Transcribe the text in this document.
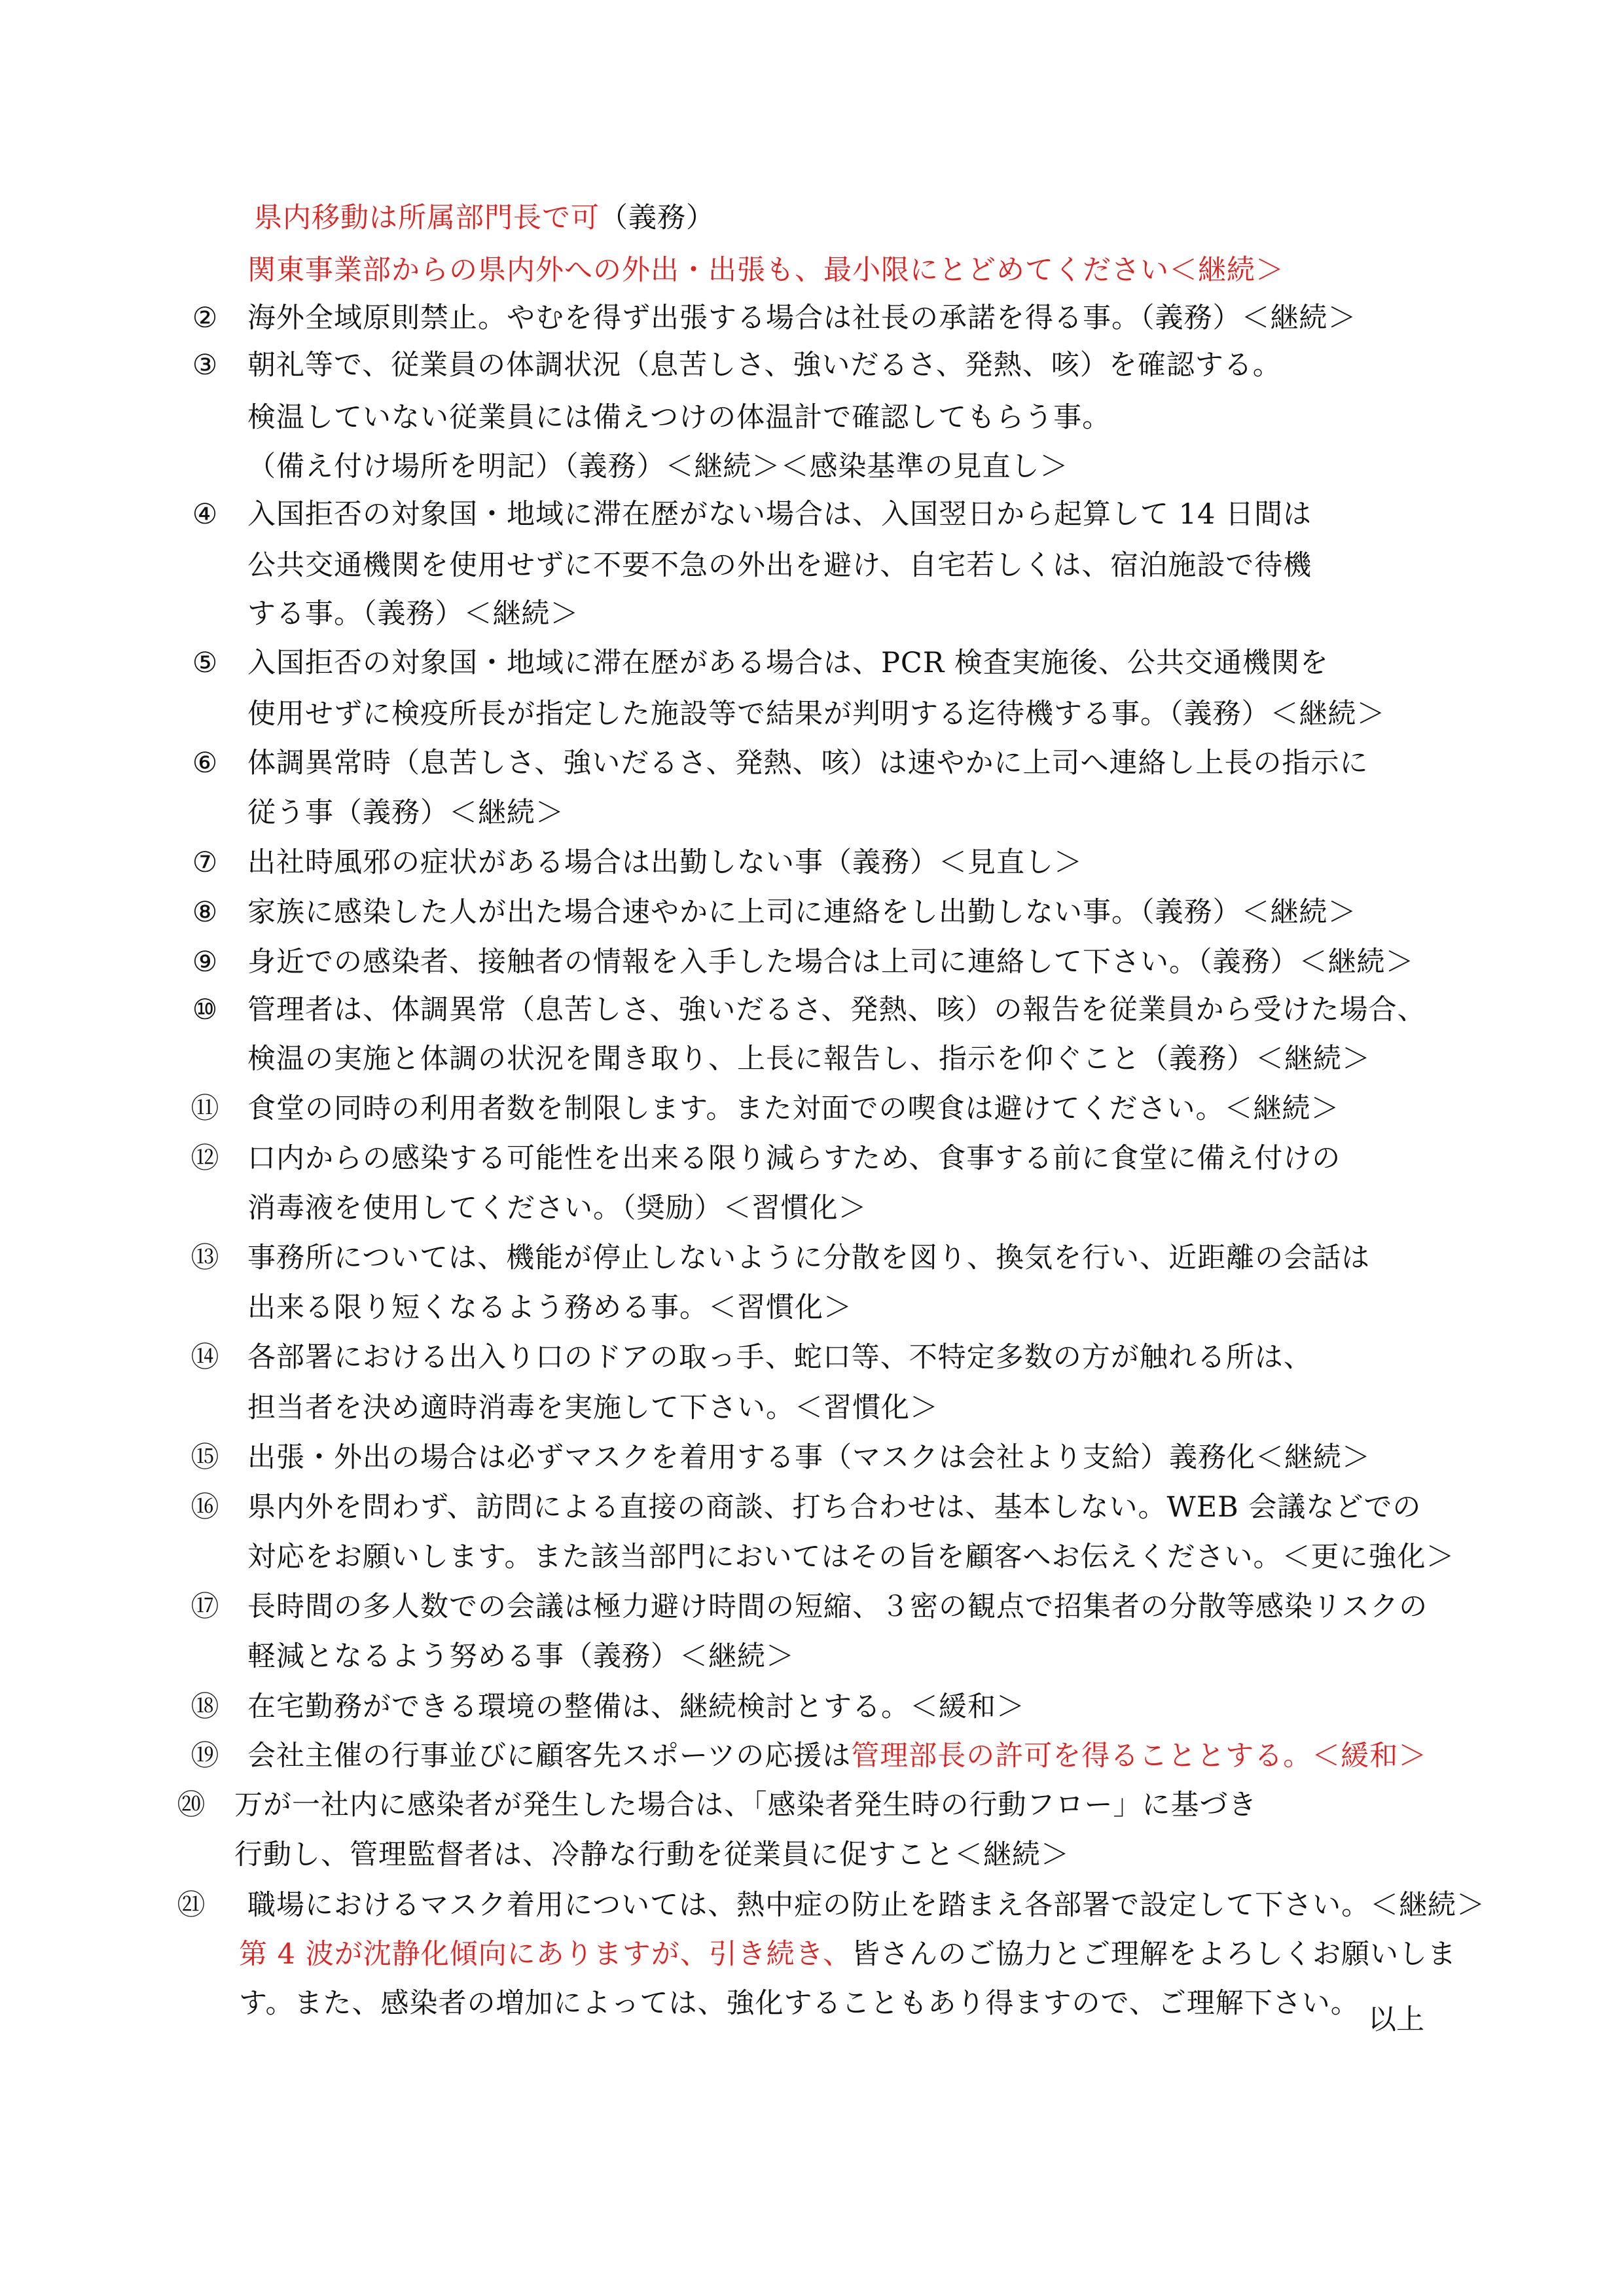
県内移動は所属部門長で可（義務）
関東事業部からの県内外への外出・出張も、最小限にとどめてください＜継続＞
② 海外全域原則禁止。やむを得ず出張する場合は社長の承諾を得る事。（義務）＜継続＞
③ 朝礼等で、従業員の体調状況（息苦しさ、強いだるさ、発熱、咳）を確認する。
検温していない従業員には備えつけの体温計で確認してもらう事。
（備え付け場所を明記）（義務）＜継続＞＜感染基準の見直し＞
④ 入国拒否の対象国・地域に滞在歴がない場合は、入国翌日から起算して 14 日間は
公共交通機関を使用せずに不要不急の外出を避け、自宅若しくは、宿泊施設で待機
する事。（義務）＜継続＞
⑤ 入国拒否の対象国・地域に滞在歴がある場合は、PCR 検査実施後、公共交通機関を
使用せずに検疫所長が指定した施設等で結果が判明する迄待機する事。（義務）＜継続＞
⑥ 体調異常時（息苦しさ、強いだるさ、発熱、咳）は速やかに上司へ連絡し上長の指示に
従う事（義務）＜継続＞
⑦ 出社時風邪の症状がある場合は出勤しない事（義務）＜見直し＞
⑧ 家族に感染した人が出た場合速やかに上司に連絡をし出勤しない事。（義務）＜継続＞
⑨ 身近での感染者、接触者の情報を入手した場合は上司に連絡して下さい。（義務）＜継続＞
⑩ 管理者は、体調異常（息苦しさ、強いだるさ、発熱、咳）の報告を従業員から受けた場合、
検温の実施と体調の状況を聞き取り、上長に報告し、指示を仰ぐこと（義務）＜継続＞
⑪ 食堂の同時の利用者数を制限します。また対面での喫食は避けてください。＜継続＞
⑫ 口内からの感染する可能性を出来る限り減らすため、食事する前に食堂に備え付けの
消毒液を使用してください。（奨励）＜習慣化＞
⑬ 事務所については、機能が停止しないように分散を図り、換気を行い、近距離の会話は
出来る限り短くなるよう務める事。＜習慣化＞
⑭ 各部署における出入り口のドアの取っ手、蛇口等、不特定多数の方が触れる所は、
担当者を決め適時消毒を実施して下さい。＜習慣化＞
⑮ 出張・外出の場合は必ずマスクを着用する事（マスクは会社より支給）義務化＜継続＞
⑯ 県内外を問わず、訪問による直接の商談、打ち合わせは、基本しない。WEB 会議などでの
対応をお願いします。また該当部門においてはその旨を顧客へお伝えください。＜更に強化＞
⑰ 長時間の多人数での会議は極力避け時間の短縮、３密の観点で招集者の分散等感染リスクの
軽減となるよう努める事（義務）＜継続＞
⑱ 在宅勤務ができる環境の整備は、継続検討とする。＜緩和＞
⑲ 会社主催の行事並びに顧客先スポーツの応援は管理部長の許可を得ることとする。＜緩和＞
⑳ 万が一社内に感染者が発生した場合は、「感染者発生時の行動フロー」に基づき
行動し、管理監督者は、冷静な行動を従業員に促すこと＜継続＞
㉑ 職場におけるマスク着用については、熱中症の防止を踏まえ各部署で設定して下さい。＜継続＞
第 4 波が沈静化傾向にありますが、引き続き、皆さんのご協力とご理解をよろしくお願いしま
す。また、感染者の増加によっては、強化することもあり得ますので、ご理解下さい。 以上
